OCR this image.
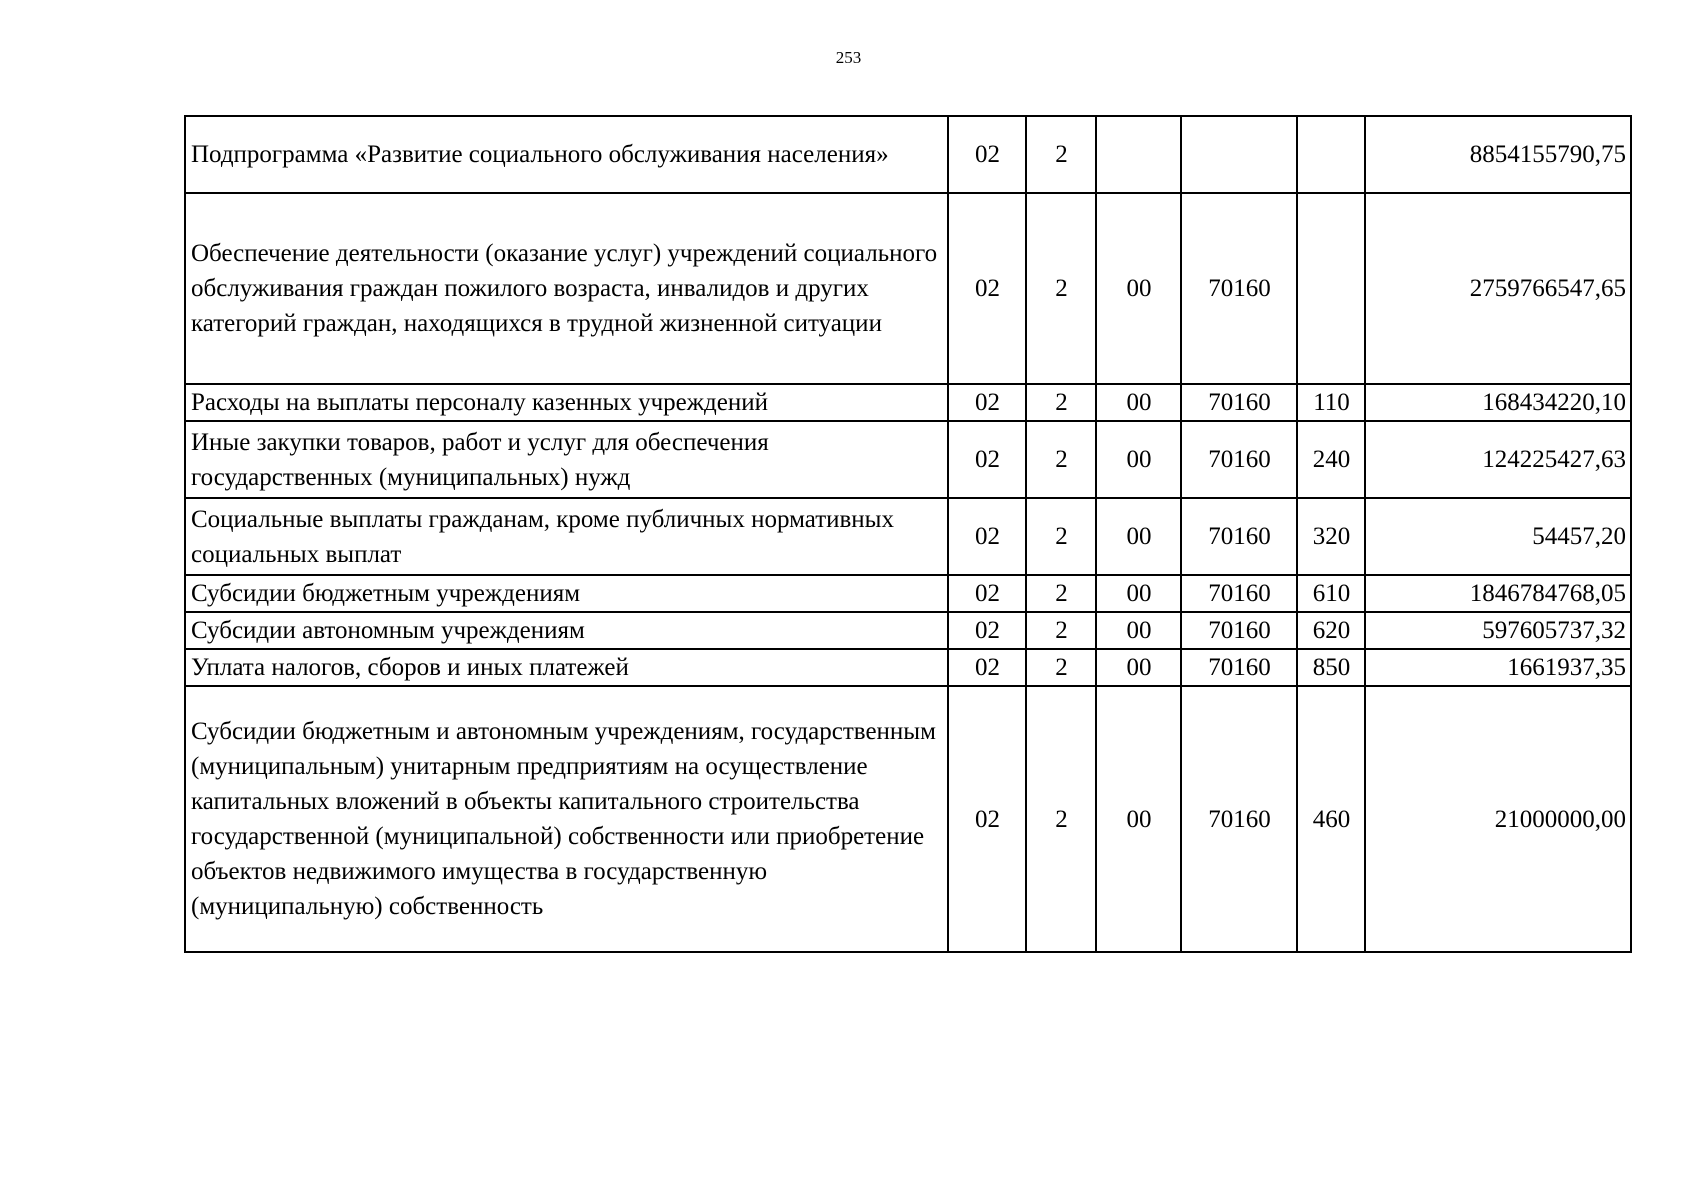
253
Подпрограмма «Развитие социального обслуживания населения»	02	2				8854155790,75
Обеспечение деятельности (оказание услуг) учреждений социального обслуживания граждан пожилого возраста, инвалидов и других категорий граждан, находящихся в трудной жизненной ситуации	02	2	00	70160		2759766547,65
Расходы на выплаты персоналу казенных учреждений	02	2	00	70160	110	168434220,10
Иные закупки товаров, работ и услуг для обеспечения государственных (муниципальных) нужд	02	2	00	70160	240	124225427,63
Социальные выплаты гражданам, кроме публичных нормативных социальных выплат	02	2	00	70160	320	54457,20
Субсидии бюджетным учреждениям	02	2	00	70160	610	1846784768,05
Субсидии автономным учреждениям	02	2	00	70160	620	597605737,32
Уплата налогов, сборов и иных платежей	02	2	00	70160	850	1661937,35
Субсидии бюджетным и автономным учреждениям, государственным (муниципальным) унитарным предприятиям на осуществление капитальных вложений в объекты капитального строительства государственной (муниципальной) собственности или приобретение объектов недвижимого имущества в государственную (муниципальную) собственность	02	2	00	70160	460	21000000,00
